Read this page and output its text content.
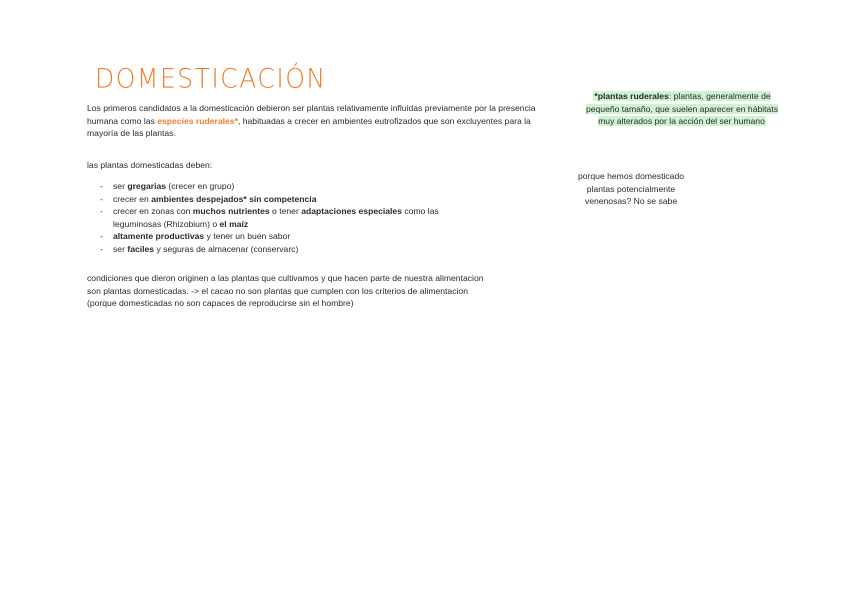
DOMESTICACIÓN
Los primeros candidatos a la domesticación debieron ser plantas relativamente influidas previamente por la presencia humana como las especies ruderales*, habituadas a crecer en ambientes eutrofizados que son excluyentes para la mayoría de las plantas.
las plantas domesticadas deben:
- ser gregarias (crecer en grupo)
- crecer en ambientes despejados* sin competencia
- crecer en zonas con muchos nutrientes o tener adaptaciones especiales como las leguminosas (Rhizobium) o el maíz
- altamente productivas y tener un buen sabor
- ser faciles y seguras de almacenar (conservarc)
condiciones que dieron originen a las plantas que cultivamos y que hacen parte de nuestra alimentacion
son plantas domesticadas. -> el cacao no son plantas que cumplen con los criterios de alimentacion
(porque domesticadas no son capaces de reproducirse sin el hombre)
*plantas ruderales: plantas, generalmente de pequeño tamaño, que suelen aparecer en hábitats muy alterados por la acción del ser humano
porque hemos domesticado plantas potencialmente venenosas? No se sabe
